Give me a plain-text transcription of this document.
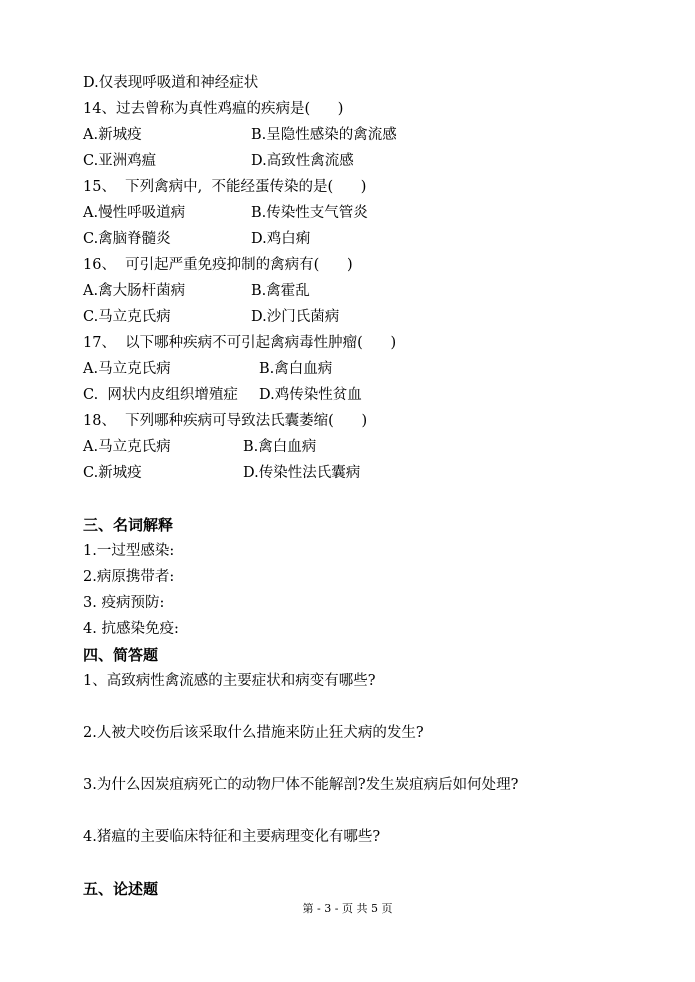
D.仅表现呼吸道和神经症状
14、过去曾称为真性鸡瘟的疾病是(      )
A.新城疫	B.呈隐性感染的禽流感
C.亚洲鸡瘟	D.高致性禽流感
15、  下列禽病中,  不能经蛋传染的是(      )
A.慢性呼吸道病	B.传染性支气管炎
C.禽脑脊髓炎	D.鸡白痢
16、  可引起严重免疫抑制的禽病有(      )
A.禽大肠杆菌病	B.禽霍乱
C.马立克氏病	D.沙门氏菌病
17、  以下哪种疾病不可引起禽病毒性肿瘤(      )
A.马立克氏病	B.禽白血病
C.  网状内皮组织增殖症 D.鸡传染性贫血
18、  下列哪种疾病可导致法氏囊萎缩(      )
A.马立克氏病	B.禽白血病
C.新城疫	D.传染性法氏囊病
三、名词解释
1.一过型感染:
2.病原携带者:
3. 疫病预防:
4. 抗感染免疫:
四、简答题
1、高致病性禽流感的主要症状和病变有哪些?
2.人被犬咬伤后该采取什么措施来防止狂犬病的发生?
3.为什么因炭疽病死亡的动物尸体不能解剖?发生炭疽病后如何处理?
4.猪瘟的主要临床特征和主要病理变化有哪些?
五、论述题
第 - 3 - 页 共 5 页
